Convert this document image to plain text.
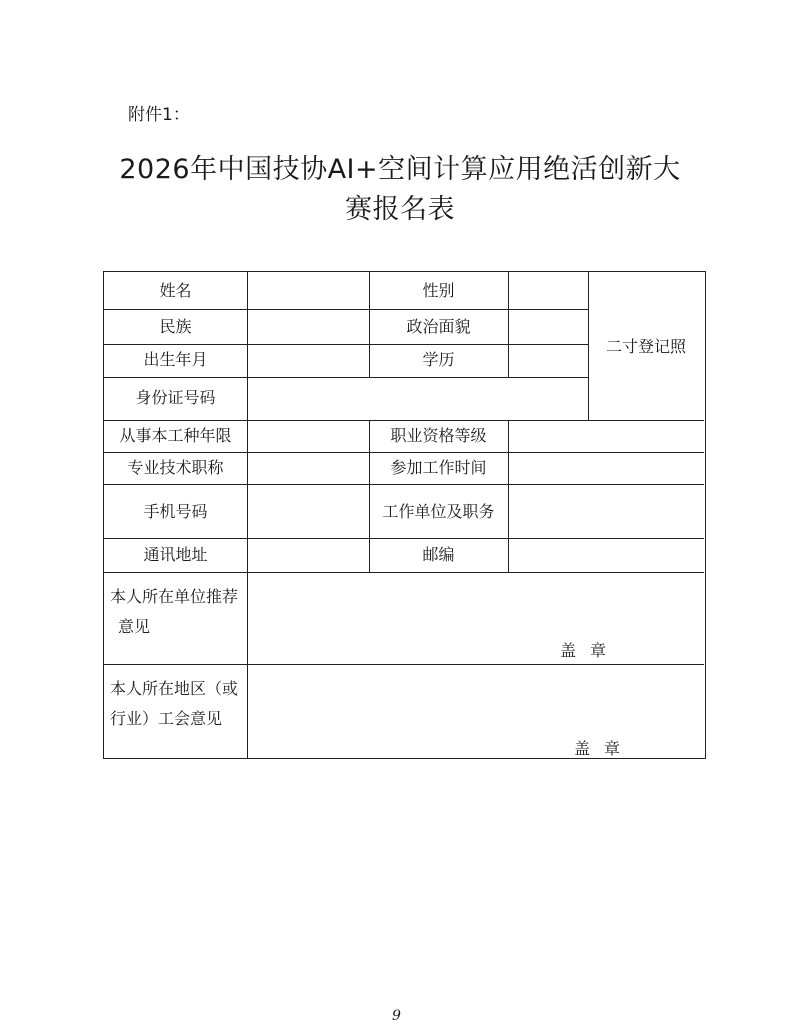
附件1：
2026年中国技协AI+空间计算应用绝活创新大
赛报名表
姓名	性别
民族	政治面貌
出生年月	学历
身份证号码
二寸登记照
从事本工种年限	职业资格等级
专业技术职称	参加工作时间
手机号码	工作单位及职务
通讯地址	邮编
本人所在单位推荐
意见
盖章
本人所在地区（或
行业）工会意见
盖章
9
